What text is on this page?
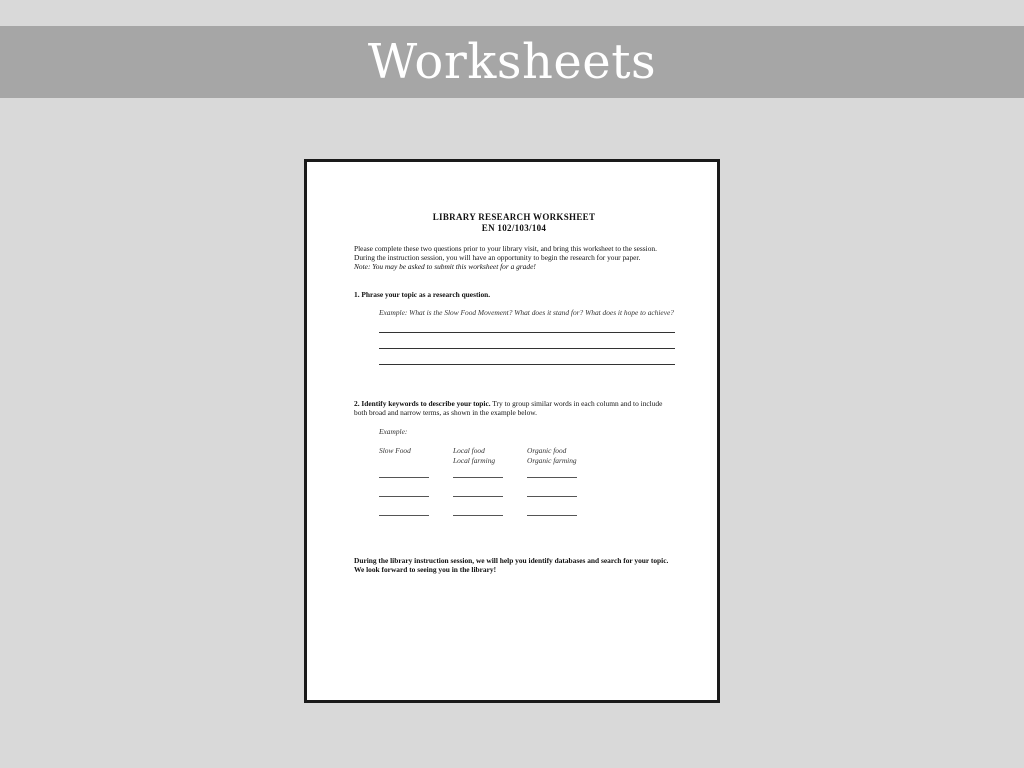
Worksheets
LIBRARY RESEARCH WORKSHEET
EN 102/103/104
Please complete these two questions prior to your library visit, and bring this worksheet to the session. During the instruction session, you will have an opportunity to begin the research for your paper.
Note: You may be asked to submit this worksheet for a grade!
1. Phrase your topic as a research question.
Example: What is the Slow Food Movement? What does it stand for? What does it hope to achieve?
2. Identify keywords to describe your topic. Try to group similar words in each column and to include both broad and narrow terms, as shown in the example below.
Example:
Slow Food	Local food
Local farming
Organic food
Organic farming
During the library instruction session, we will help you identify databases and search for your topic. We look forward to seeing you in the library!
